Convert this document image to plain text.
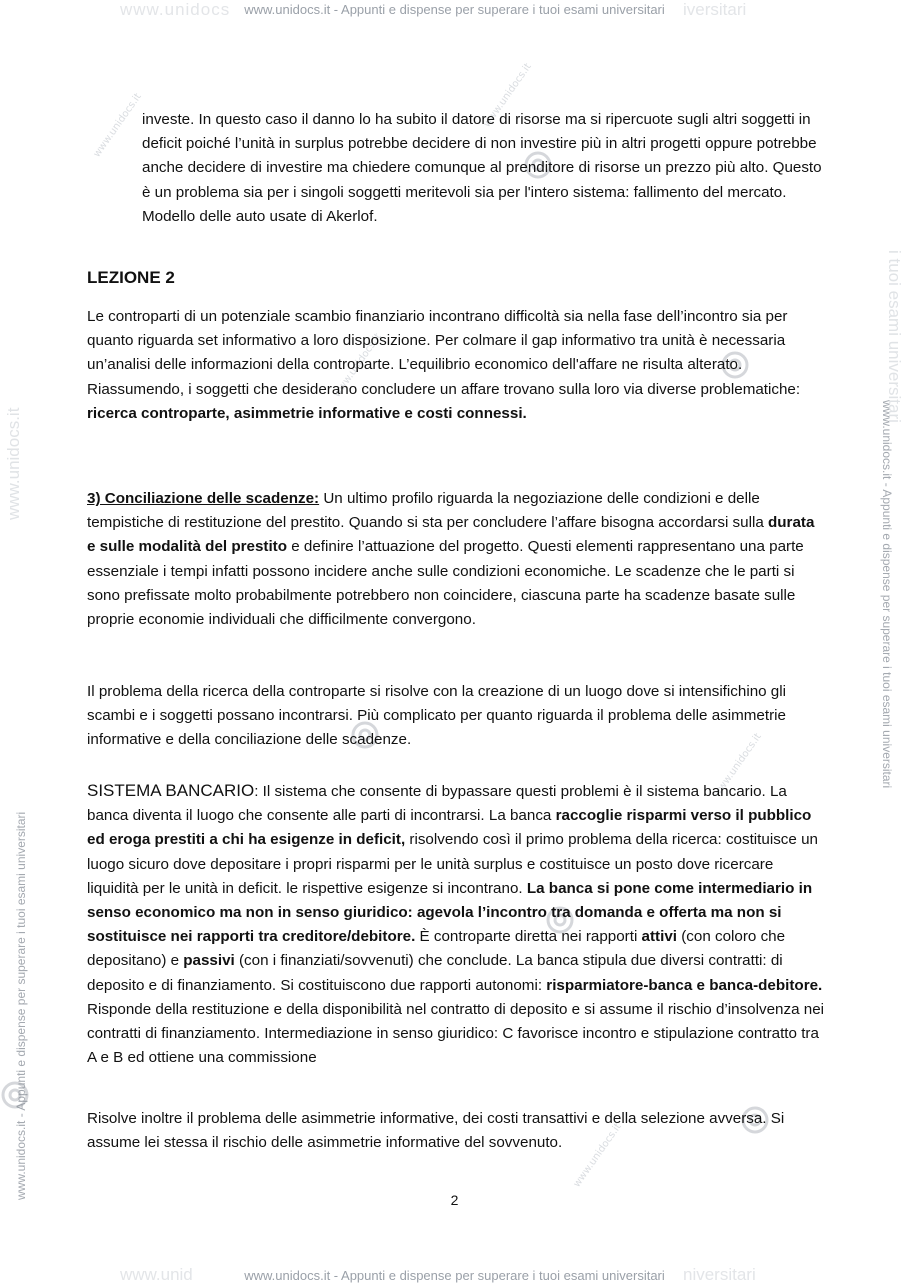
www.unidocs www.unidocs.it - Appunti e dispense per superare i tuoi esami universitari iversitari
www.unid	www.unidocs.it - Appunti e dispense per superare i tuoi esami universitari niversitari
www.unidocs.it - Appunti e dispense per superare i tuoi esami universitari
www.unidocs.it	www.unidocs.it - Appunti e dispense per superare i tuoi esami universitari
i tuoi esami universitari
www.unidocs.it
www.unidocs.it
www.unidocs.it
www.unidocs.it
www.unidocs.it

investe. In questo caso il danno lo ha subito il datore di risorse ma si ripercuote sugli altri soggetti in deficit poiché l’unità in surplus potrebbe decidere di non investire più in altri progetti oppure potrebbe anche decidere di investire ma chiedere comunque al prenditore di risorse un prezzo più alto. Questo è un problema sia per i singoli soggetti meritevoli sia per l'intero sistema: fallimento del mercato. Modello delle auto usate di Akerlof.

LEZIONE 2

Le controparti di un potenziale scambio finanziario incontrano difficoltà sia nella fase dell’incontro sia per quanto riguarda set informativo a loro disposizione. Per colmare il gap informativo tra unità è necessaria un’analisi delle informazioni della controparte. L’equilibrio economico dell'affare ne risulta alterato.

Riassumendo, i soggetti che desiderano concludere un affare trovano sulla loro via diverse problematiche: ricerca controparte, asimmetrie informative e costi connessi.

3) Conciliazione delle scadenze: Un ultimo profilo riguarda la negoziazione delle condizioni e delle tempistiche di restituzione del prestito. Quando si sta per concludere l’affare bisogna accordarsi sulla durata e sulle modalità del prestito e definire l’attuazione del progetto. Questi elementi rappresentano una parte essenziale i tempi infatti possono incidere anche sulle condizioni economiche. Le scadenze che le parti si sono prefissate molto probabilmente potrebbero non coincidere, ciascuna parte ha scadenze basate sulle proprie economie individuali che difficilmente convergono.

Il problema della ricerca della controparte si risolve con la creazione di un luogo dove si intensifichino gli scambi e i soggetti possano incontrarsi. Più complicato per quanto riguarda il problema delle asimmetrie informative e della conciliazione delle scadenze.

SISTEMA BANCARIO: Il sistema che consente di bypassare questi problemi è il sistema bancario. La banca diventa il luogo che consente alle parti di incontrarsi. La banca raccoglie risparmi verso il pubblico ed eroga prestiti a chi ha esigenze in deficit, risolvendo così il primo problema della ricerca: costituisce un luogo sicuro dove depositare i propri risparmi per le unità surplus e costituisce un posto dove ricercare liquidità per le unità in deficit. le rispettive esigenze si incontrano. La banca si pone come intermediario in senso economico ma non in senso giuridico: agevola l’incontro tra domanda e offerta ma non si sostituisce nei rapporti tra creditore/debitore. È controparte diretta nei rapporti attivi (con coloro che depositano) e passivi (con i finanziati/sovvenuti) che conclude. La banca stipula due diversi contratti: di deposito e di finanziamento. Si costituiscono due rapporti autonomi: risparmiatore-banca e banca-debitore. Risponde della restituzione e della disponibilità nel contratto di deposito e si assume il rischio d’insolvenza nei contratti di finanziamento. Intermediazione in senso giuridico: C favorisce incontro e stipulazione contratto tra A e B ed ottiene una commissione

Risolve inoltre il problema delle asimmetrie informative, dei costi transattivi e della selezione avversa. Si assume lei stessa il rischio delle asimmetrie informative del sovvenuto.

2
